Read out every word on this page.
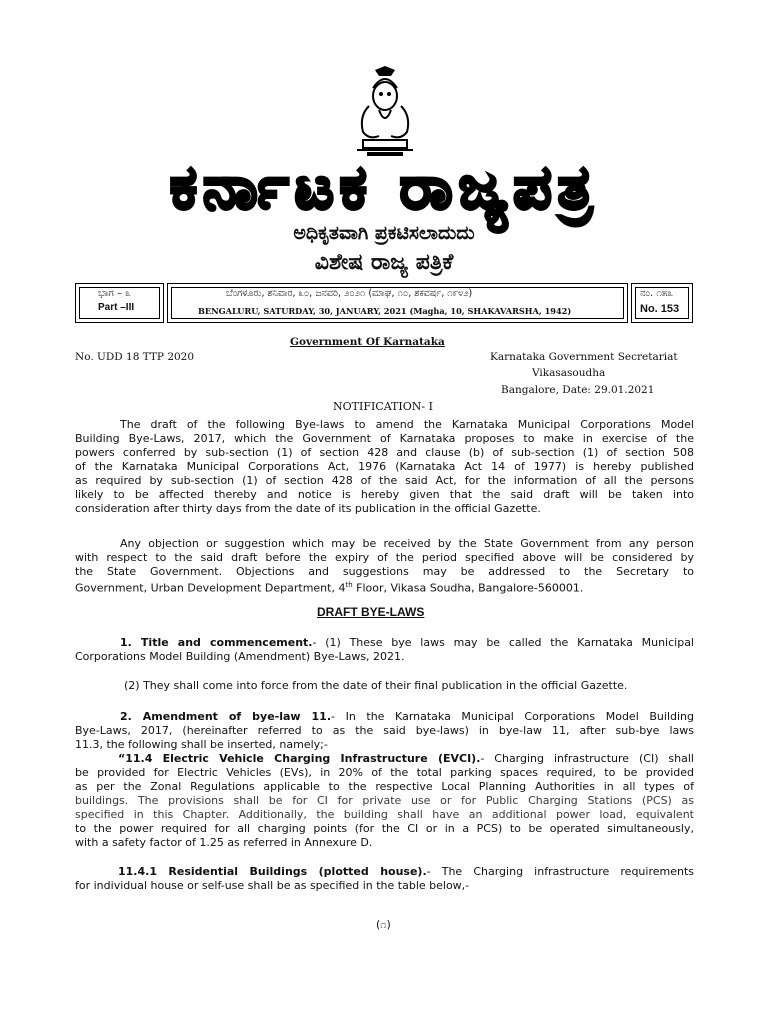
ಕರ್ನಾಟಕ ರಾಜ್ಯಪತ್ರ
ಅಧಿಕೃತವಾಗಿ ಪ್ರಕಟಿಸಲಾದುದು
ವಿಶೇಷ ರಾಜ್ಯ ಪತ್ರಿಕೆ
ಭಾಗ – ೩
Part –III
ಬೆಂಗಳೂರು, ಶನಿವಾರ, ೩೦, ಜನವರಿ, ೨೦೨೧ (ಮಾಘ, ೧೦, ಶಕವರ್ಷ, ೧೯೪೨)
BENGALURU, SATURDAY, 30, JANUARY, 2021 (Magha, 10, SHAKAVARSHA, 1942)
ನಂ. ೧೫೩
No. 153
Government Of Karnataka
No. UDD 18 TTP 2020	Karnataka Government Secretariat
Vikasasoudha
Bangalore, Date: 29.01.2021
NOTIFICATION- I
The draft of the following Bye-laws to amend the Karnataka Municipal Corporations Model
Building Bye-Laws, 2017, which the Government of Karnataka proposes to make in exercise of the
powers conferred by sub-section (1) of section 428 and clause (b) of sub-section (1) of section 508
of the Karnataka Municipal Corporations Act, 1976 (Karnataka Act 14 of 1977) is hereby published
as required by sub-section (1) of section 428 of the said Act, for the information of all the persons
likely to be affected thereby and notice is hereby given that the said draft will be taken into
consideration after thirty days from the date of its publication in the official Gazette.
Any objection or suggestion which may be received by the State Government from any person
with respect to the said draft before the expiry of the period specified above will be considered by
the State Government. Objections and suggestions may be addressed to the Secretary to
Government, Urban Development Department, 4th Floor, Vikasa Soudha, Bangalore-560001.
DRAFT BYE-LAWS
1. Title and commencement.- (1) These bye laws may be called the Karnataka Municipal
Corporations Model Building (Amendment) Bye-Laws, 2021.
(2) They shall come into force from the date of their final publication in the official Gazette.
2. Amendment of bye-law 11.- In the Karnataka Municipal Corporations Model Building
Bye-Laws, 2017, (hereinafter referred to as the said bye-laws) in bye-law 11, after sub-bye laws
11.3, the following shall be inserted, namely;-
“11.4 Electric Vehicle Charging Infrastructure (EVCI).- Charging infrastructure (CI) shall
be provided for Electric Vehicles (EVs), in 20% of the total parking spaces required, to be provided
as per the Zonal Regulations applicable to the respective Local Planning Authorities in all types of
buildings. The provisions shall be for CI for private use or for Public Charging Stations (PCS) as
specified in this Chapter. Additionally, the building shall have an additional power load, equivalent
to the power required for all charging points (for the CI or in a PCS) to be operated simultaneously,
with a safety factor of 1.25 as referred in Annexure D.
11.4.1 Residential Buildings (plotted house).- The Charging infrastructure requirements
for individual house or self-use shall be as specified in the table below,-
(೧)
